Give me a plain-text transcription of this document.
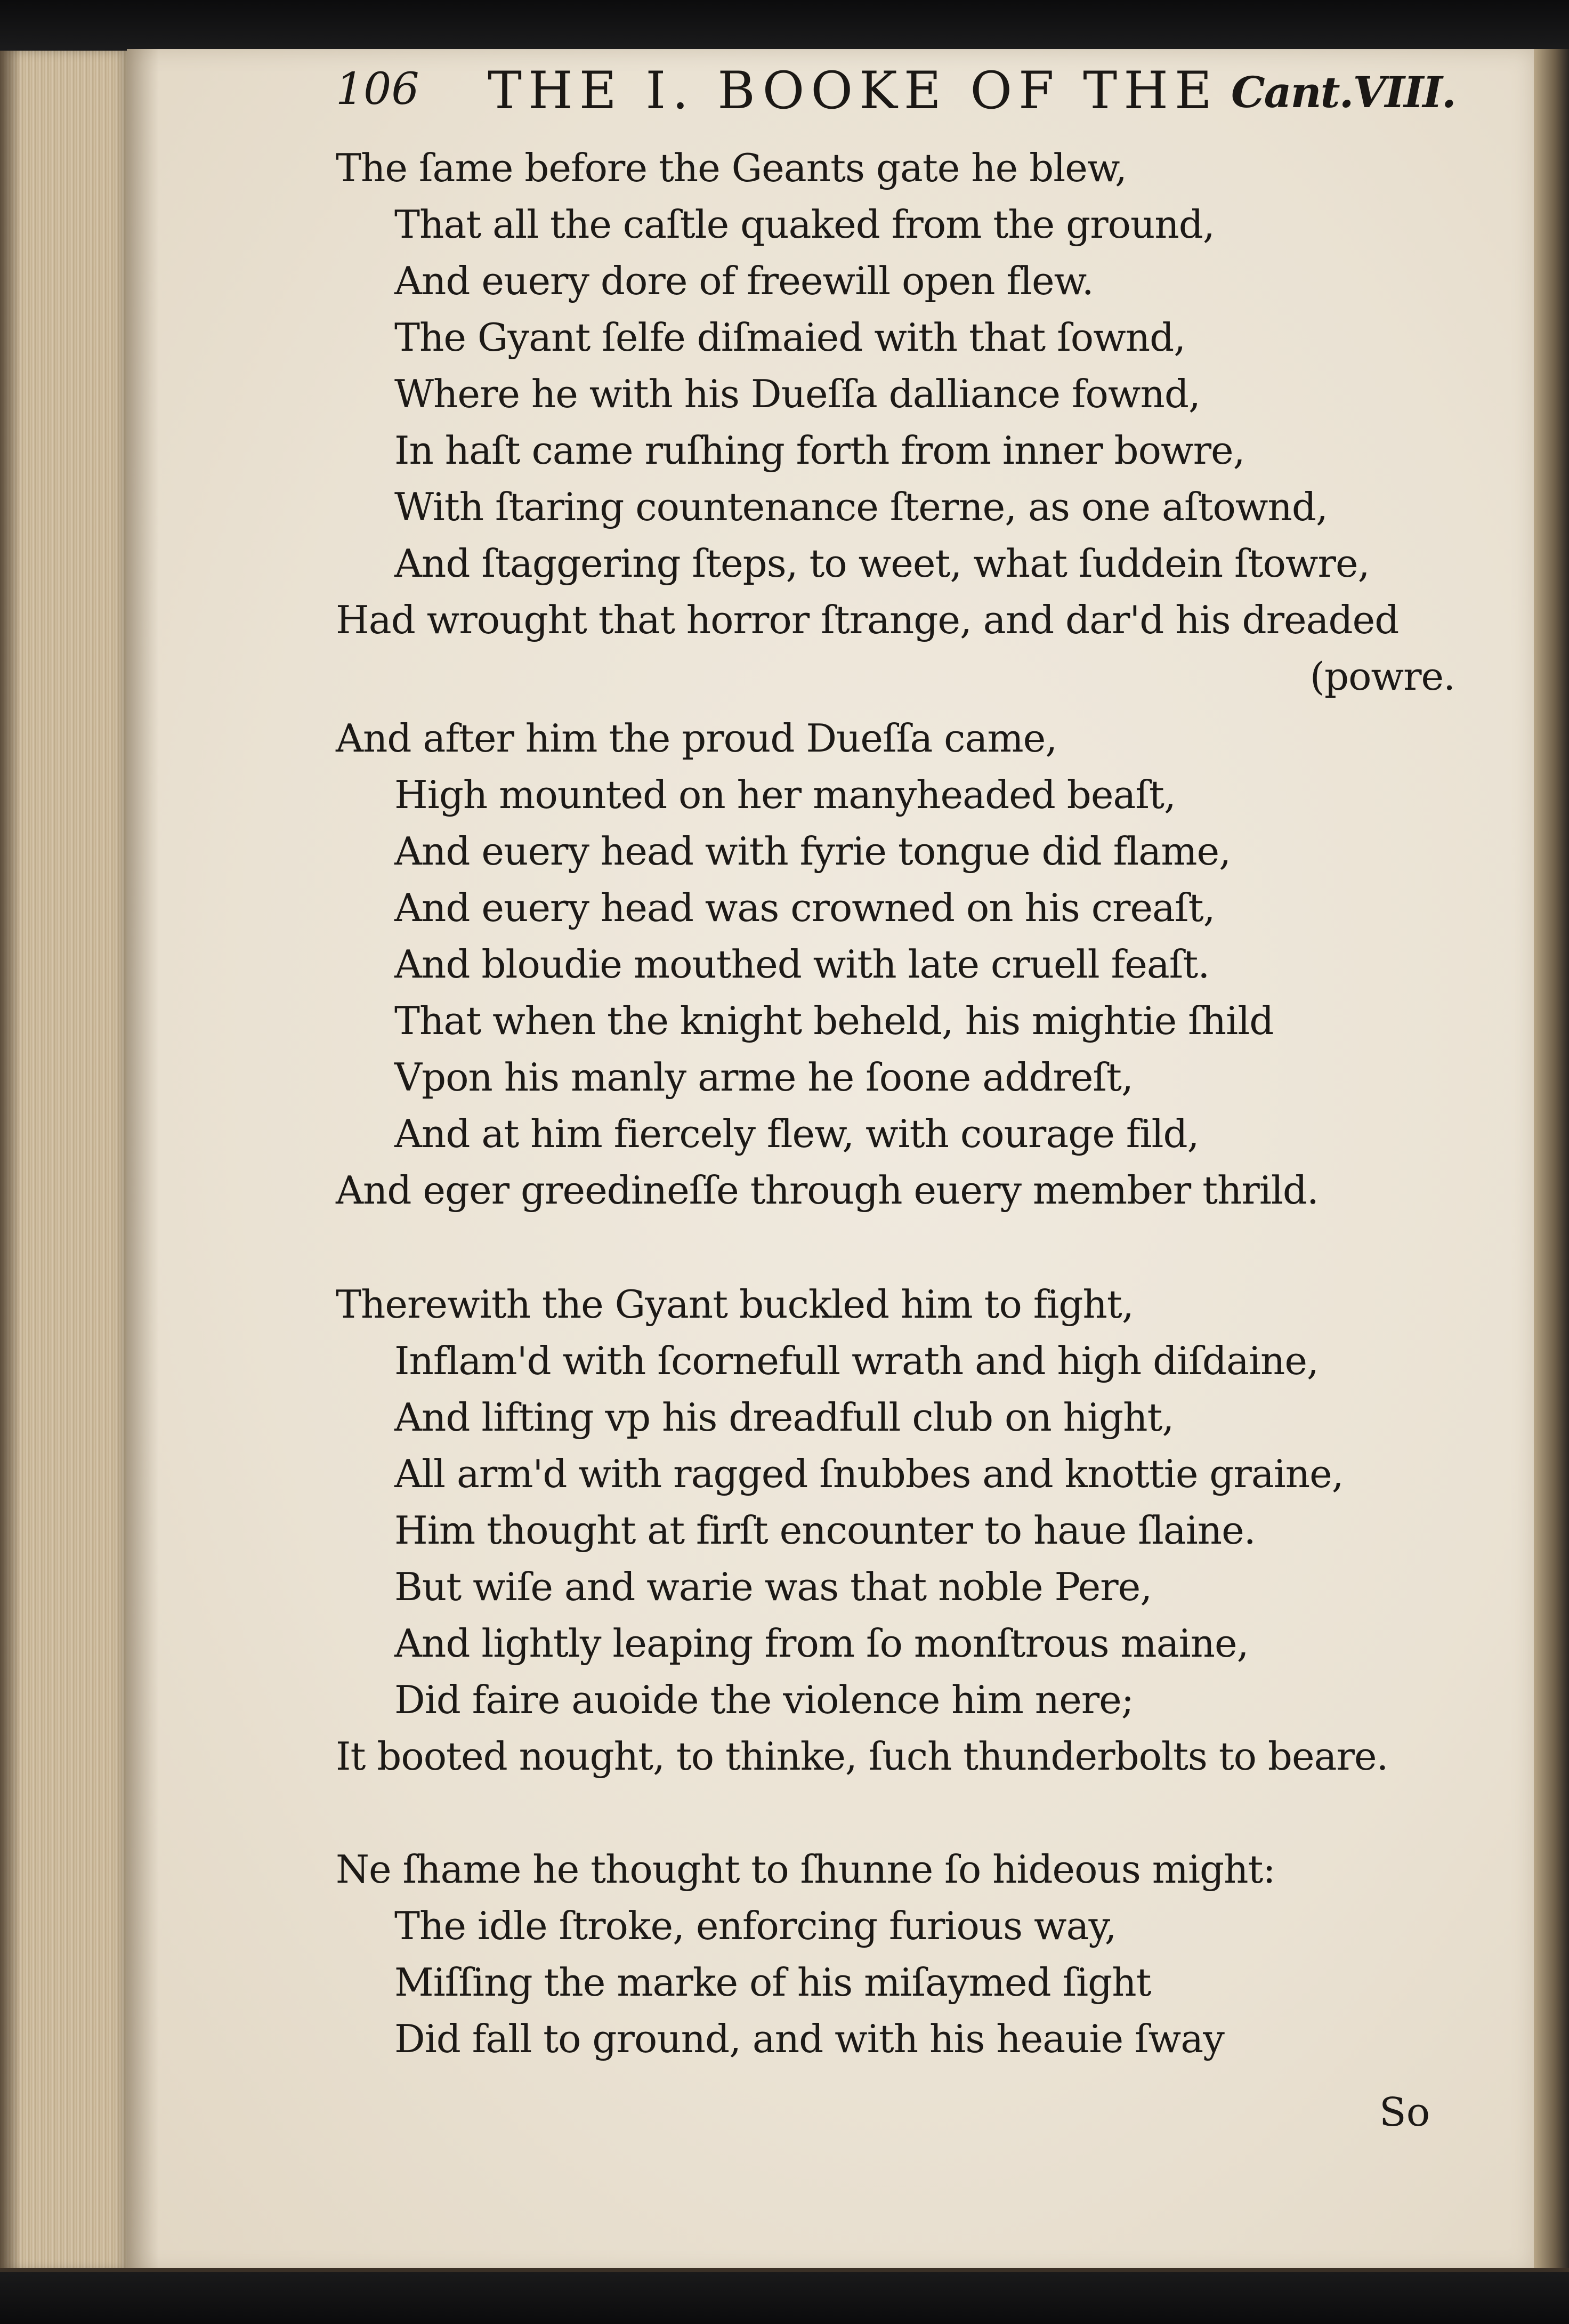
106 THE I. BOOKE OF THE Cant.VIII.
The ſame before the Geants gate he blew,
That all the caſtle quaked from the ground,
And euery dore of freewill open flew.
The Gyant ſelfe diſmaied with that ſownd,
Where he with his Dueſſa dalliance fownd,
In haſt came ruſhing forth from inner bowre,
With ſtaring countenance ſterne, as one aſtownd,
And ſtaggering ſteps, to weet, what ſuddein ſtowre,
Had wrought that horror ſtrange, and dar'd his dreaded
(powre.
And after him the proud Dueſſa came,
High mounted on her manyheaded beaſt,
And euery head with fyrie tongue did flame,
And euery head was crowned on his creaſt,
And bloudie mouthed with late cruell feaſt.
That when the knight beheld, his mightie ſhild
Vpon his manly arme he ſoone addreſt,
And at him fiercely flew, with courage fild,
And eger greedineſſe through euery member thrild.
Therewith the Gyant buckled him to fight,
Inflam'd with ſcornefull wrath and high diſdaine,
And lifting vp his dreadfull club on hight,
All arm'd with ragged ſnubbes and knottie graine,
Him thought at firſt encounter to haue ſlaine.
But wiſe and warie was that noble Pere,
And lightly leaping from ſo monſtrous maine,
Did faire auoide the violence him nere;
It booted nought, to thinke, ſuch thunderbolts to beare.
Ne ſhame he thought to ſhunne ſo hideous might:
The idle ſtroke, enforcing furious way,
Miſſing the marke of his miſaymed ſight
Did fall to ground, and with his heauie ſway
So
